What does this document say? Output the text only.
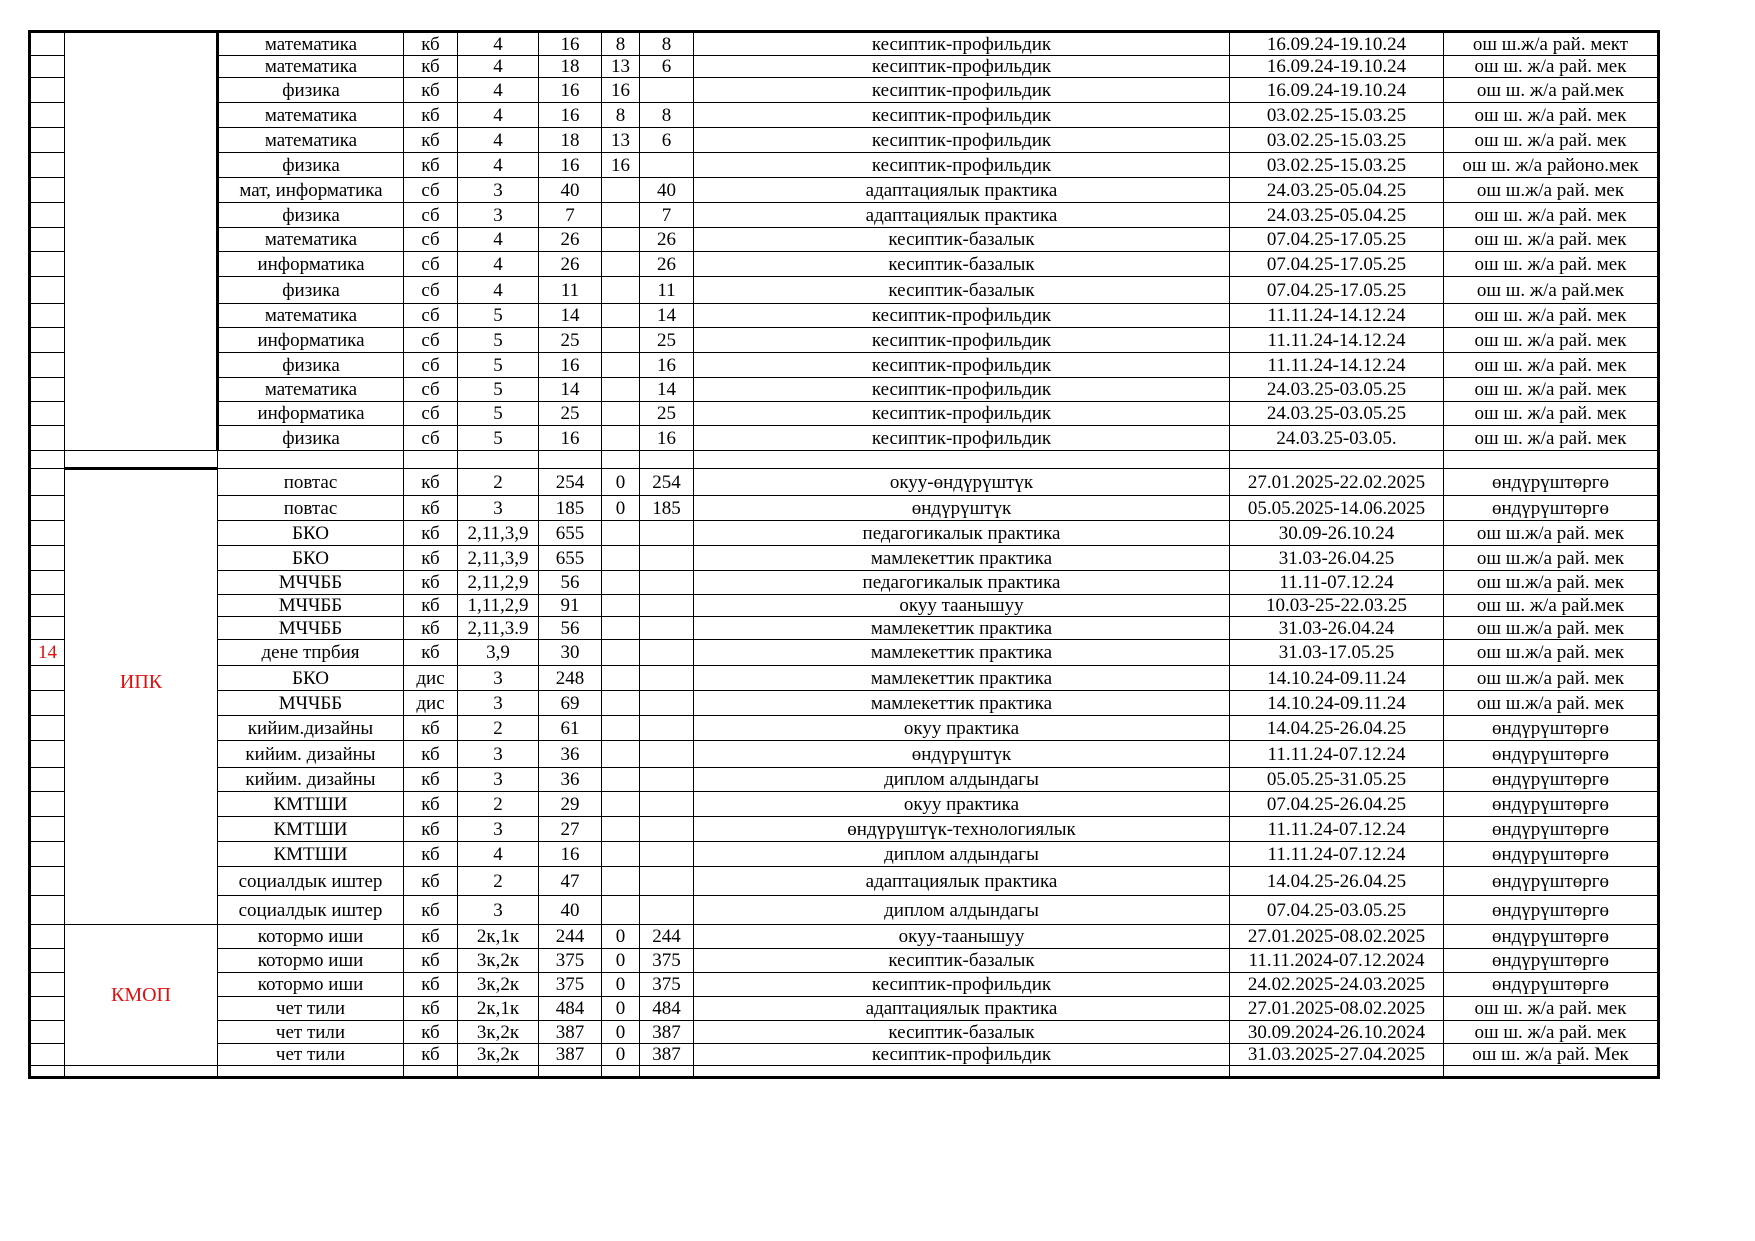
		математика	кб	4	16	8	8	кесиптик-профильдик	16.09.24-19.10.24	ош ш.ж/а рай. мект
		математика	кб	4	18	13	6	кесиптик-профильдик	16.09.24-19.10.24	ош ш. ж/а рай. мек
		физика	кб	4	16	16		кесиптик-профильдик	16.09.24-19.10.24	ош ш. ж/а рай.мек
		математика	кб	4	16	8	8	кесиптик-профильдик	03.02.25-15.03.25	ош ш. ж/а рай. мек
		математика	кб	4	18	13	6	кесиптик-профильдик	03.02.25-15.03.25	ош ш. ж/а рай. мек
		физика	кб	4	16	16		кесиптик-профильдик	03.02.25-15.03.25	ош ш. ж/а районо.мек
		мат, информатика	сб	3	40		40	адаптациялык практика	24.03.25-05.04.25	ош ш.ж/а рай. мек
		физика	сб	3	7		7	адаптациялык практика	24.03.25-05.04.25	ош ш. ж/а рай. мек
		математика	сб	4	26		26	кесиптик-базалык	07.04.25-17.05.25	ош ш. ж/а рай. мек
		информатика	сб	4	26		26	кесиптик-базалык	07.04.25-17.05.25	ош ш. ж/а рай. мек
		физика	сб	4	11		11	кесиптик-базалык	07.04.25-17.05.25	ош ш. ж/а рай.мек
		математика	сб	5	14		14	кесиптик-профильдик	11.11.24-14.12.24	ош ш. ж/а рай. мек
		информатика	сб	5	25		25	кесиптик-профильдик	11.11.24-14.12.24	ош ш. ж/а рай. мек
		физика	сб	5	16		16	кесиптик-профильдик	11.11.24-14.12.24	ош ш. ж/а рай. мек
		математика	сб	5	14		14	кесиптик-профильдик	24.03.25-03.05.25	ош ш. ж/а рай. мек
		информатика	сб	5	25		25	кесиптик-профильдик	24.03.25-03.05.25	ош ш. ж/а рай. мек
		физика	сб	5	16		16	кесиптик-профильдик	24.03.25-03.05.	ош ш. ж/а рай. мек

	ИПК	повтас	кб	2	254	0	254	окуу-өндүрүштүк	27.01.2025-22.02.2025	өндүрүштөргө
		повтас	кб	3	185	0	185	өндүрүштүк	05.05.2025-14.06.2025	өндүрүштөргө
		БКО	кб	2,11,3,9	655			педагогикалык практика	30.09-26.10.24	ош ш.ж/а рай. мек
		БКО	кб	2,11,3,9	655			мамлекеттик практика	31.03-26.04.25	ош ш.ж/а рай. мек
		МЧЧББ	кб	2,11,2,9	56			педагогикалык практика	11.11-07.12.24	ош ш.ж/а рай. мек
		МЧЧББ	кб	1,11,2,9	91			окуу таанышуу	10.03-25-22.03.25	ош ш. ж/а рай.мек
		МЧЧББ	кб	2,11,3.9	56			мамлекеттик практика	31.03-26.04.24	ош ш.ж/а рай. мек
14		дене тпрбия	кб	3,9	30			мамлекеттик практика	31.03-17.05.25	ош ш.ж/а рай. мек
		БКО	дис	3	248			мамлекеттик практика	14.10.24-09.11.24	ош ш.ж/а рай. мек
		МЧЧББ	дис	3	69			мамлекеттик практика	14.10.24-09.11.24	ош ш.ж/а рай. мек
		кийим.дизайны	кб	2	61			окуу практика	14.04.25-26.04.25	өндүрүштөргө
		кийим. дизайны	кб	3	36			өндүрүштүк	11.11.24-07.12.24	өндүрүштөргө
		кийим. дизайны	кб	3	36			диплом алдындагы	05.05.25-31.05.25	өндүрүштөргө
		КМТШИ	кб	2	29			окуу практика	07.04.25-26.04.25	өндүрүштөргө
		КМТШИ	кб	3	27			өндүрүштүк-технологиялык	11.11.24-07.12.24	өндүрүштөргө
		КМТШИ	кб	4	16			диплом алдындагы	11.11.24-07.12.24	өндүрүштөргө
		социалдык иштер	кб	2	47			адаптациялык практика	14.04.25-26.04.25	өндүрүштөргө
		социалдык иштер	кб	3	40			диплом алдындагы	07.04.25-03.05.25	өндүрүштөргө
	КМОП	котормо иши	кб	2к,1к	244	0	244	окуу-таанышуу	27.01.2025-08.02.2025	өндүрүштөргө
		котормо иши	кб	3к,2к	375	0	375	кесиптик-базалык	11.11.2024-07.12.2024	өндүрүштөргө
		котормо иши	кб	3к,2к	375	0	375	кесиптик-профильдик	24.02.2025-24.03.2025	өндүрүштөргө
		чет тили	кб	2к,1к	484	0	484	адаптациялык практика	27.01.2025-08.02.2025	ош ш. ж/а рай. мек
		чет тили	кб	3к,2к	387	0	387	кесиптик-базалык	30.09.2024-26.10.2024	ош ш. ж/а рай. мек
		чет тили	кб	3к,2к	387	0	387	кесиптик-профильдик	31.03.2025-27.04.2025	ош ш. ж/а рай. Мек
